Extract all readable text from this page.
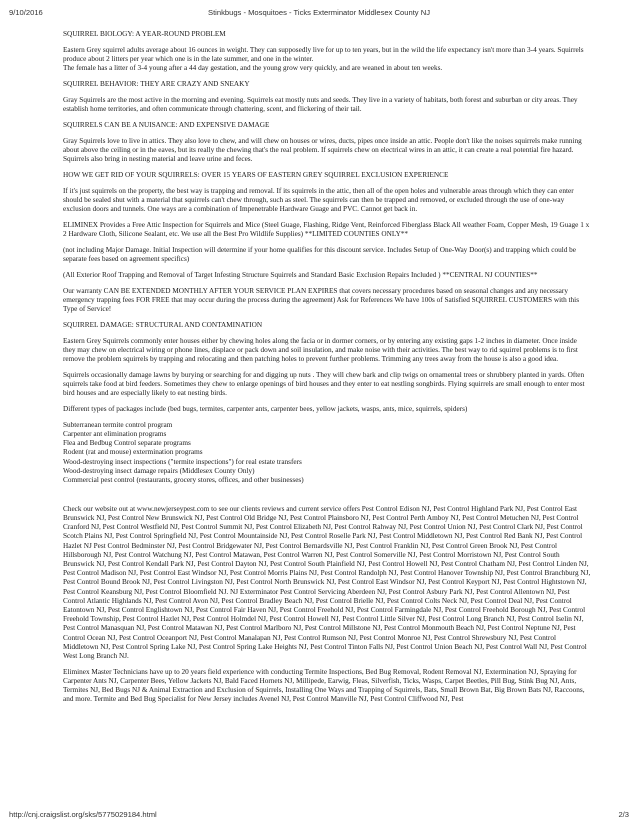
9/10/2016	Stinkbugs - Mosquitoes - Ticks Exterminator Middlesex County NJ

SQUIRREL BIOLOGY: A YEAR-ROUND PROBLEM

Eastern Grey squirrel adults average about 16 ounces in weight. They can supposedly live for up to ten years, but in the wild the life expectancy isn't more than 3-4 years. Squirrels produce about 2 litters per year which one is in the late summer, and one in the winter.
The female has a litter of 3-4 young after a 44 day gestation, and the young grow very quickly, and are weaned in about ten weeks.

SQUIRREL BEHAVIOR: THEY ARE CRAZY AND SNEAKY

Gray Squirrels are the most active in the morning and evening. Squirrels eat mostly nuts and seeds. They live in a variety of habitats, both forest and suburban or city areas. They establish home territories, and often communicate through chattering, scent, and flickering of their tail.

SQUIRRELS CAN BE A NUISANCE: AND EXPENSIVE DAMAGE

Gray Squirrels love to live in attics. They also love to chew, and will chew on houses or wires, ducts, pipes once inside an attic. People don't like the noises squirrels make running about above the ceiling or in the eaves, but its really the chewing that's the real problem. If squirrels chew on electrical wires in an attic, it can create a real potential fire hazard. Squirrels also bring in nesting material and leave urine and feces.

HOW WE GET RID OF YOUR SQUIRRELS: OVER 15 YEARS OF EASTERN GREY SQUIRREL EXCLUSION EXPERIENCE

If it's just squirrels on the property, the best way is trapping and removal. If its squirrels in the attic, then all of the open holes and vulnerable areas through which they can enter should be sealed shut with a material that squirrels can't chew through, such as steel. The squirrels can then be trapped and removed, or excluded through the use of one-way exclusion doors and tunnels. One ways are a combination of Impenetrable Hardware Guage and PVC. Cannot get back in.

ELIMINEX Provides a Free Attic Inspection for Squirrels and Mice (Steel Guage, Flashing, Ridge Vent, Reinforced Fiberglass Black All weather Foam, Copper Mesh, 19 Guage 1 x 2 Hardware Cloth, Silicone Sealant, etc. We use all the Best Pro Wildlife Supplies) **LIMITED COUNTIES ONLY**

(not including Major Damage. Initial Inspection will determine if your home qualifies for this discount service. Includes Setup of One-Way Door(s) and trapping which could be separate fees based on agreement specifics)

(All Exterior Roof Trapping and Removal of Target Infesting Structure Squirrels and Standard Basic Exclusion Repairs Included ) **CENTRAL NJ COUNTIES**

Our warranty CAN BE EXTENDED MONTHLY AFTER YOUR SERVICE PLAN EXPIRES that covers necessary procedures based on seasonal changes and any necessary emergency trapping fees FOR FREE that may occur during the process during the agreement) Ask for References We have 100s of Satisfied SQUIRREL CUSTOMERS with this Type of Service!

SQUIRREL DAMAGE: STRUCTURAL AND CONTAMINATION

Eastern Grey Squirrels commonly enter houses either by chewing holes along the facia or in dormer corners, or by entering any existing gaps 1-2 inches in diameter. Once inside they may chew on electrical wiring or phone lines, displace or pack down and soil insulation, and make noise with their activities. The best way to rid squirrel problems is to first remove the problem squirrels by trapping and relocating and then patching holes to prevent further problems. Trimming any trees away from the house is also a good idea.

Squirrels occasionally damage lawns by burying or searching for and digging up nuts . They will chew bark and clip twigs on ornamental trees or shrubbery planted in yards. Often squirrels take food at bird feeders. Sometimes they chew to enlarge openings of bird houses and they enter to eat nestling songbirds. Flying squirrels are small enough to enter most bird houses and are especially likely to eat nesting birds.

Different types of packages include (bed bugs, termites, carpenter ants, carpenter bees, yellow jackets, wasps, ants, mice, squirrels, spiders)

Subterranean termite control program
Carpenter ant elimination programs
Flea and Bedbug Control separate programs
Rodent (rat and mouse) extermination programs
Wood-destroying insect inspections ("termite inspections") for real estate transfers
Wood-destroying insect damage repairs (Middlesex County Only)
Commercial pest control (restaurants, grocery stores, offices, and other businesses)

Check our website out at www.newjerseypest.com to see our clients reviews and current service offers Pest Control Edison NJ, Pest Control Highland Park NJ, Pest Control East Brunswick NJ, Pest Control New Brunswick NJ, Pest Control Old Bridge NJ, Pest Control Plainsboro NJ, Pest Control Perth Amboy NJ, Pest Control Metuchen NJ, Pest Control Cranford NJ, Pest Control Westfield NJ, Pest Control Summit NJ, Pest Control Elizabeth NJ, Pest Control Rahway NJ, Pest Control Union NJ, Pest Control Clark NJ, Pest Control Scotch Plains NJ, Pest Control Springfield NJ, Pest Control Mountainside NJ, Pest Control Roselle Park NJ, Pest Control Middletown NJ, Pest Control Red Bank NJ, Pest Control Hazlet NJ Pest Control Bedminster NJ, Pest Control Bridgewater NJ, Pest Control Bernardsville NJ, Pest Control Franklin NJ, Pest Control Green Brook NJ, Pest Control Hillsborough NJ, Pest Control Watchung NJ, Pest Control Matawan, Pest Control Warren NJ, Pest Control Somerville NJ, Pest Control Morristown NJ, Pest Control South Brunswick NJ, Pest Control Kendall Park NJ, Pest Control Dayton NJ, Pest Control South Plainfield NJ, Pest Control Howell NJ, Pest Control Chatham NJ, Pest Control Linden NJ, Pest Control Madison NJ, Pest Control East Windsor NJ, Pest Control Morris Plains NJ, Pest Control Randolph NJ, Pest Control Hanover Township NJ, Pest Control Branchburg NJ, Pest Control Bound Brook NJ, Pest Control Livingston NJ, Pest Control North Brunswick NJ, Pest Control East Windsor NJ, Pest Control Keyport NJ, Pest Control Hightstown NJ, Pest Control Keansburg NJ, Pest Control Bloomfield NJ. NJ Exterminator Pest Control Servicing Aberdeen NJ, Pest Control Asbury Park NJ, Pest Control Allentown NJ, Pest Control Atlantic Highlands NJ, Pest Control Avon NJ, Pest Control Bradley Beach NJ, Pest Control Brielle NJ, Pest Control Colts Neck NJ, Pest Control Deal NJ, Pest Control Eatontown NJ, Pest Control Englishtown NJ, Pest Control Fair Haven NJ, Pest Control Freehold NJ, Pest Control Farmingdale NJ, Pest Control Freehold Borough NJ, Pest Control Freehold Township, Pest Control Hazlet NJ, Pest Control Holmdel NJ, Pest Control Howell NJ, Pest Control Little Silver NJ, Pest Control Long Branch NJ, Pest Control Iselin NJ, Pest Control Manasquan NJ, Pest Control Matawan NJ, Pest Control Marlboro NJ, Pest Control Millstone NJ, Pest Control Monmouth Beach NJ, Pest Control Neptune NJ, Pest Control Ocean NJ, Pest Control Oceanport NJ, Pest Control Manalapan NJ, Pest Control Rumson NJ, Pest Control Monroe NJ, Pest Control Shrewsbury NJ, Pest Control Middletown NJ, Pest Control Spring Lake NJ, Pest Control Spring Lake Heights NJ, Pest Control Tinton Falls NJ, Pest Control Union Beach NJ, Pest Control Wall NJ, Pest Control West Long Branch NJ.

Eliminex Master Technicians have up to 20 years field experience with conducting Termite Inspections, Bed Bug Removal, Rodent Removal NJ, Extermination NJ, Spraying for Carpenter Ants NJ, Carpenter Bees, Yellow Jackets NJ, Bald Faced Hornets NJ, Millipede, Earwig, Fleas, Silverfish, Ticks, Wasps, Carpet Beetles, Pill Bug, Stink Bug NJ, Ants, Termites NJ, Bed Bugs NJ & Animal Extraction and Exclusion of Squirrels, Installing One Ways and Trapping of Squirrels, Bats, Small Brown Bat, Big Brown Bats NJ, Raccoons, and more. Termite and Bed Bug Specialist for New Jersey includes Avenel NJ, Pest Control Manville NJ, Pest Control Cliffwood NJ, Pest

http://cnj.craigslist.org/sks/5775029184.html	2/3
